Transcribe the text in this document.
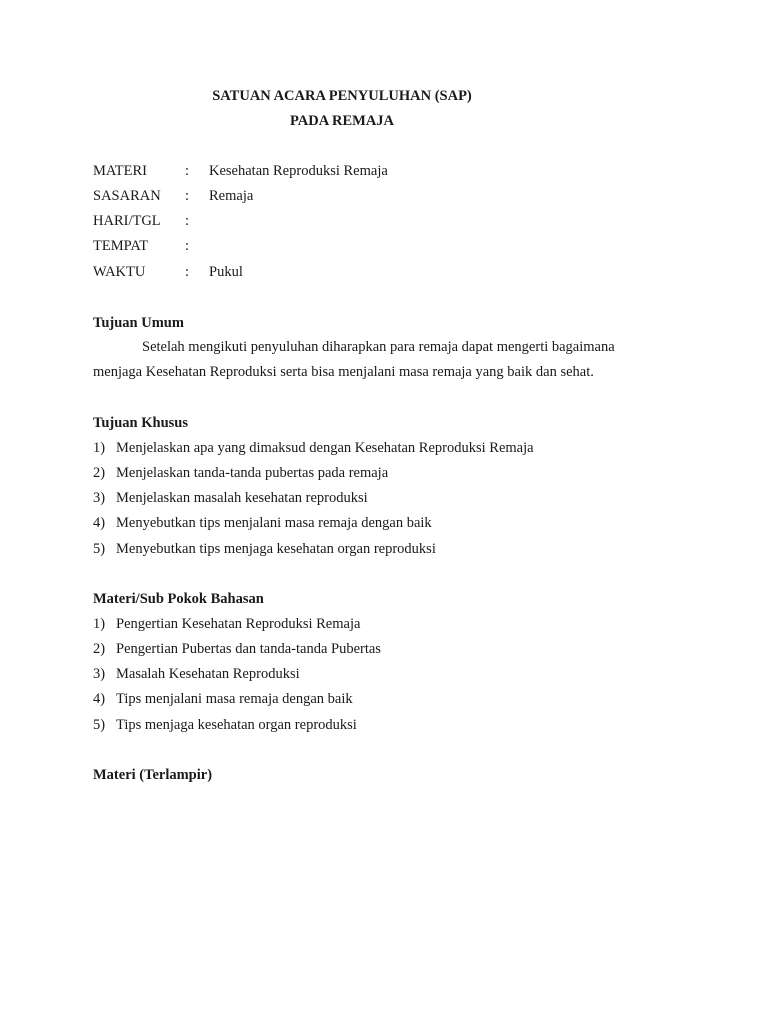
SATUAN ACARA PENYULUHAN (SAP)
PADA REMAJA
MATERI	: Kesehatan Reproduksi Remaja
SASARAN : Remaja
HARI/TGL :
TEMPAT	:
WAKTU	: Pukul
Tujuan Umum
Setelah mengikuti penyuluhan diharapkan para remaja dapat mengerti bagaimana
menjaga Kesehatan Reproduksi serta bisa menjalani masa remaja yang baik dan sehat.
Tujuan Khusus
1) Menjelaskan apa yang dimaksud dengan Kesehatan Reproduksi Remaja
2) Menjelaskan tanda-tanda pubertas pada remaja
3) Menjelaskan masalah kesehatan reproduksi
4) Menyebutkan tips menjalani masa remaja dengan baik
5) Menyebutkan tips menjaga kesehatan organ reproduksi
Materi/Sub Pokok Bahasan
1) Pengertian Kesehatan Reproduksi Remaja
2) Pengertian Pubertas dan tanda-tanda Pubertas
3) Masalah Kesehatan Reproduksi
4) Tips menjalani masa remaja dengan baik
5) Tips menjaga kesehatan organ reproduksi
Materi (Terlampir)
